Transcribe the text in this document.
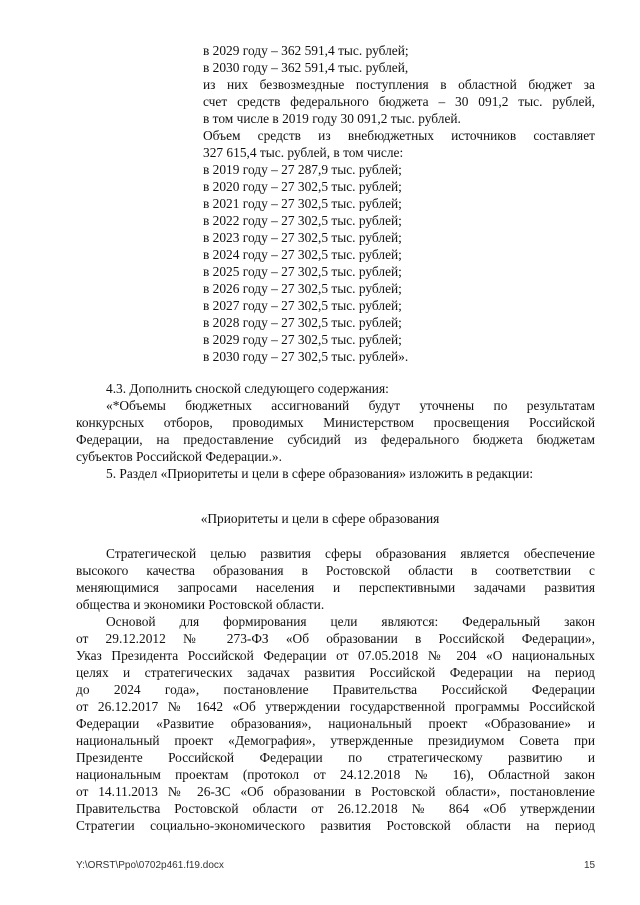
в 2029 году – 362 591,4 тыс. рублей;
в 2030 году – 362 591,4 тыс. рублей,
из них безвозмездные поступления в областной бюджет за
счет средств федерального бюджета – 30 091,2 тыс. рублей,
в том числе в 2019 году 30 091,2 тыс. рублей.
Объем средств из внебюджетных источников составляет
327 615,4 тыс. рублей, в том числе:
в 2019 году – 27 287,9 тыс. рублей;
в 2020 году – 27 302,5 тыс. рублей;
в 2021 году – 27 302,5 тыс. рублей;
в 2022 году – 27 302,5 тыс. рублей;
в 2023 году – 27 302,5 тыс. рублей;
в 2024 году – 27 302,5 тыс. рублей;
в 2025 году – 27 302,5 тыс. рублей;
в 2026 году – 27 302,5 тыс. рублей;
в 2027 году – 27 302,5 тыс. рублей;
в 2028 году – 27 302,5 тыс. рублей;
в 2029 году – 27 302,5 тыс. рублей;
в 2030 году – 27 302,5 тыс. рублей».
4.3. Дополнить сноской следующего содержания:
«*Объемы бюджетных ассигнований будут уточнены по результатам
конкурсных отборов, проводимых Министерством просвещения Российской
Федерации, на предоставление субсидий из федерального бюджета бюджетам
субъектов Российской Федерации.».
5. Раздел «Приоритеты и цели в сфере образования» изложить в редакции:
«Приоритеты и цели в сфере образования
Стратегической целью развития сферы образования является обеспечение
высокого качества образования в Ростовской области в соответствии с
меняющимися запросами населения и перспективными задачами развития
общества и экономики Ростовской области.
Основой для формирования цели являются: Федеральный закон
от 29.12.2012 № 273-ФЗ «Об образовании в Российской Федерации»,
Указ Президента Российской Федерации от 07.05.2018 № 204 «О национальных
целях и стратегических задачах развития Российской Федерации на период
до 2024 года», постановление Правительства Российской Федерации
от 26.12.2017 № 1642 «Об утверждении государственной программы Российской
Федерации «Развитие образования», национальный проект «Образование» и
национальный проект «Демография», утвержденные президиумом Совета при
Президенте Российской Федерации по стратегическому развитию и
национальным проектам (протокол от 24.12.2018 № 16), Областной закон
от 14.11.2013 № 26-ЗС «Об образовании в Ростовской области», постановление
Правительства Ростовской области от 26.12.2018 № 864 «Об утверждении
Стратегии социально-экономического развития Ростовской области на период
Y:\ORST\Ppo\0702p461.f19.docx	15
